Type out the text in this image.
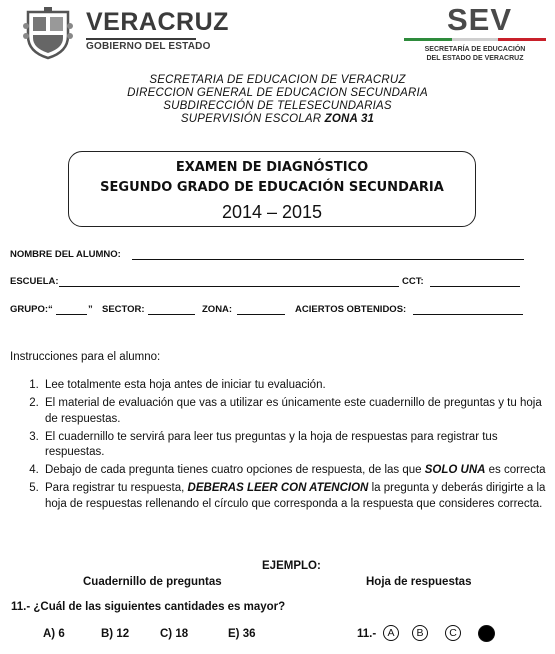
VERACRUZ
GOBIERNO DEL ESTADO
SEV
SECRETARÍA DE EDUCACIÓN
DEL ESTADO DE VERACRUZ
SECRETARIA DE EDUCACION DE VERACRUZ
DIRECCION GENERAL DE EDUCACION SECUNDARIA
SUBDIRECCIÓN DE TELESECUNDARIAS
SUPERVISIÓN ESCOLAR ZONA 31
EXAMEN DE DIAGNÓSTICO
SEGUNDO GRADO DE EDUCACIÓN SECUNDARIA
2014 – 2015
NOMBRE DEL ALUMNO:
ESCUELA:	CCT:
GRUPO:“	” SECTOR:	ZONA:	ACIERTOS OBTENIDOS:
Instrucciones para el alumno:
1. Lee totalmente esta hoja antes de iniciar tu evaluación.
2. El material de evaluación que vas a utilizar es únicamente este cuadernillo de preguntas y tu hoja de respuestas.
3. El cuadernillo te servirá para leer tus preguntas y la hoja de respuestas para registrar tus respuestas.
4. Debajo de cada pregunta tienes cuatro opciones de respuesta, de las que SOLO UNA es correcta
5. Para registrar tu respuesta, DEBERAS LEER CON ATENCION la pregunta y deberás dirigirte a la hoja de respuestas rellenando el círculo que corresponda a la respuesta que consideres correcta.
EJEMPLO:
Cuadernillo de preguntas	Hoja de respuestas
11.- ¿Cuál de las siguientes cantidades es mayor?
A) 6	B) 12	C) 18	E) 36	11.-	A	B	C
